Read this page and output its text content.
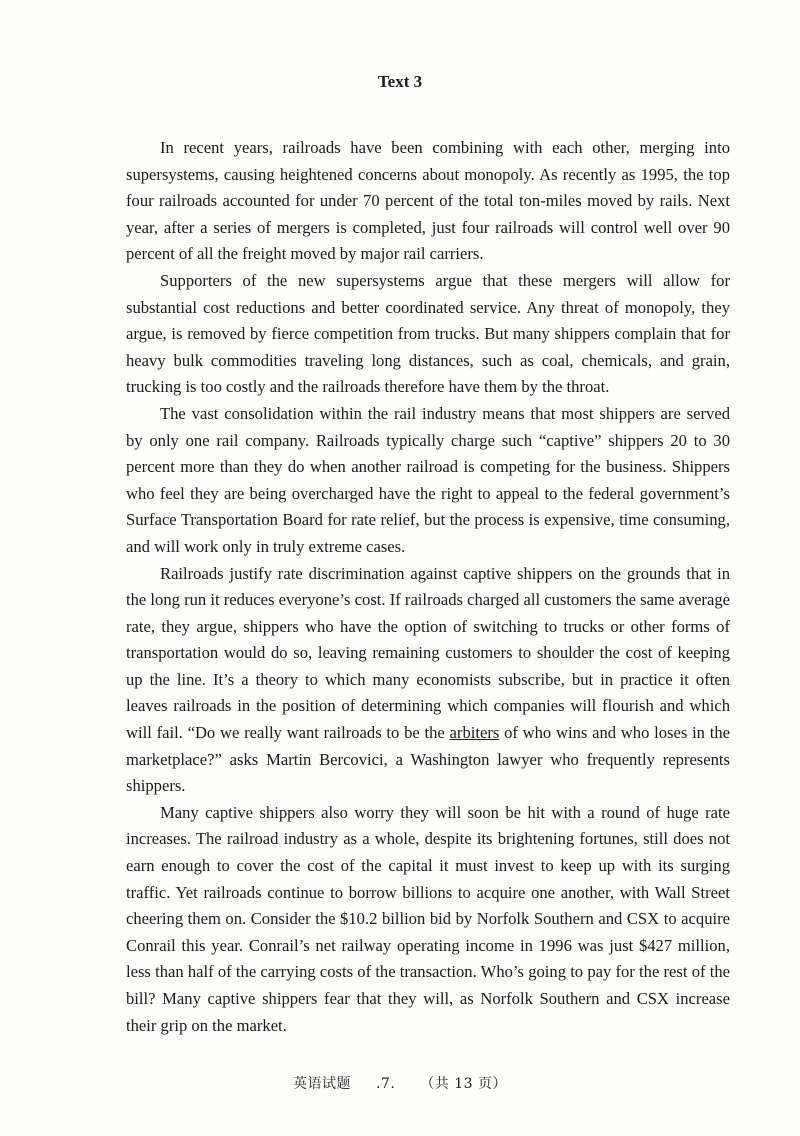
Text 3

In recent years, railroads have been combining with each other, merging into supersystems, causing heightened concerns about monopoly. As recently as 1995, the top four railroads accounted for under 70 percent of the total ton-miles moved by rails. Next year, after a series of mergers is completed, just four railroads will control well over 90 percent of all the freight moved by major rail carriers.

Supporters of the new supersystems argue that these mergers will allow for substantial cost reductions and better coordinated service. Any threat of monopoly, they argue, is removed by fierce competition from trucks. But many shippers complain that for heavy bulk commodities traveling long distances, such as coal, chemicals, and grain, trucking is too costly and the railroads therefore have them by the throat.

The vast consolidation within the rail industry means that most shippers are served by only one rail company. Railroads typically charge such “captive” shippers 20 to 30 percent more than they do when another railroad is competing for the business. Shippers who feel they are being overcharged have the right to appeal to the federal government’s Surface Transportation Board for rate relief, but the process is expensive, time consuming, and will work only in truly extreme cases.

Railroads justify rate discrimination against captive shippers on the grounds that in the long run it reduces everyone’s cost. If railroads charged all customers the same average rate, they argue, shippers who have the option of switching to trucks or other forms of transportation would do so, leaving remaining customers to shoulder the cost of keeping up the line. It’s a theory to which many economists subscribe, but in practice it often leaves railroads in the position of determining which companies will flourish and which will fail. “Do we really want railroads to be the arbiters of who wins and who loses in the marketplace?” asks Martin Bercovici, a Washington lawyer who frequently represents shippers.

Many captive shippers also worry they will soon be hit with a round of huge rate increases. The railroad industry as a whole, despite its brightening fortunes, still does not earn enough to cover the cost of the capital it must invest to keep up with its surging traffic. Yet railroads continue to borrow billions to acquire one another, with Wall Street cheering them on. Consider the $10.2 billion bid by Norfolk Southern and CSX to acquire Conrail this year. Conrail’s net railway operating income in 1996 was just $427 million, less than half of the carrying costs of the transaction. Who’s going to pay for the rest of the bill? Many captive shippers fear that they will, as Norfolk Southern and CSX increase their grip on the market.

英语试题 .7. （共 13 页）
